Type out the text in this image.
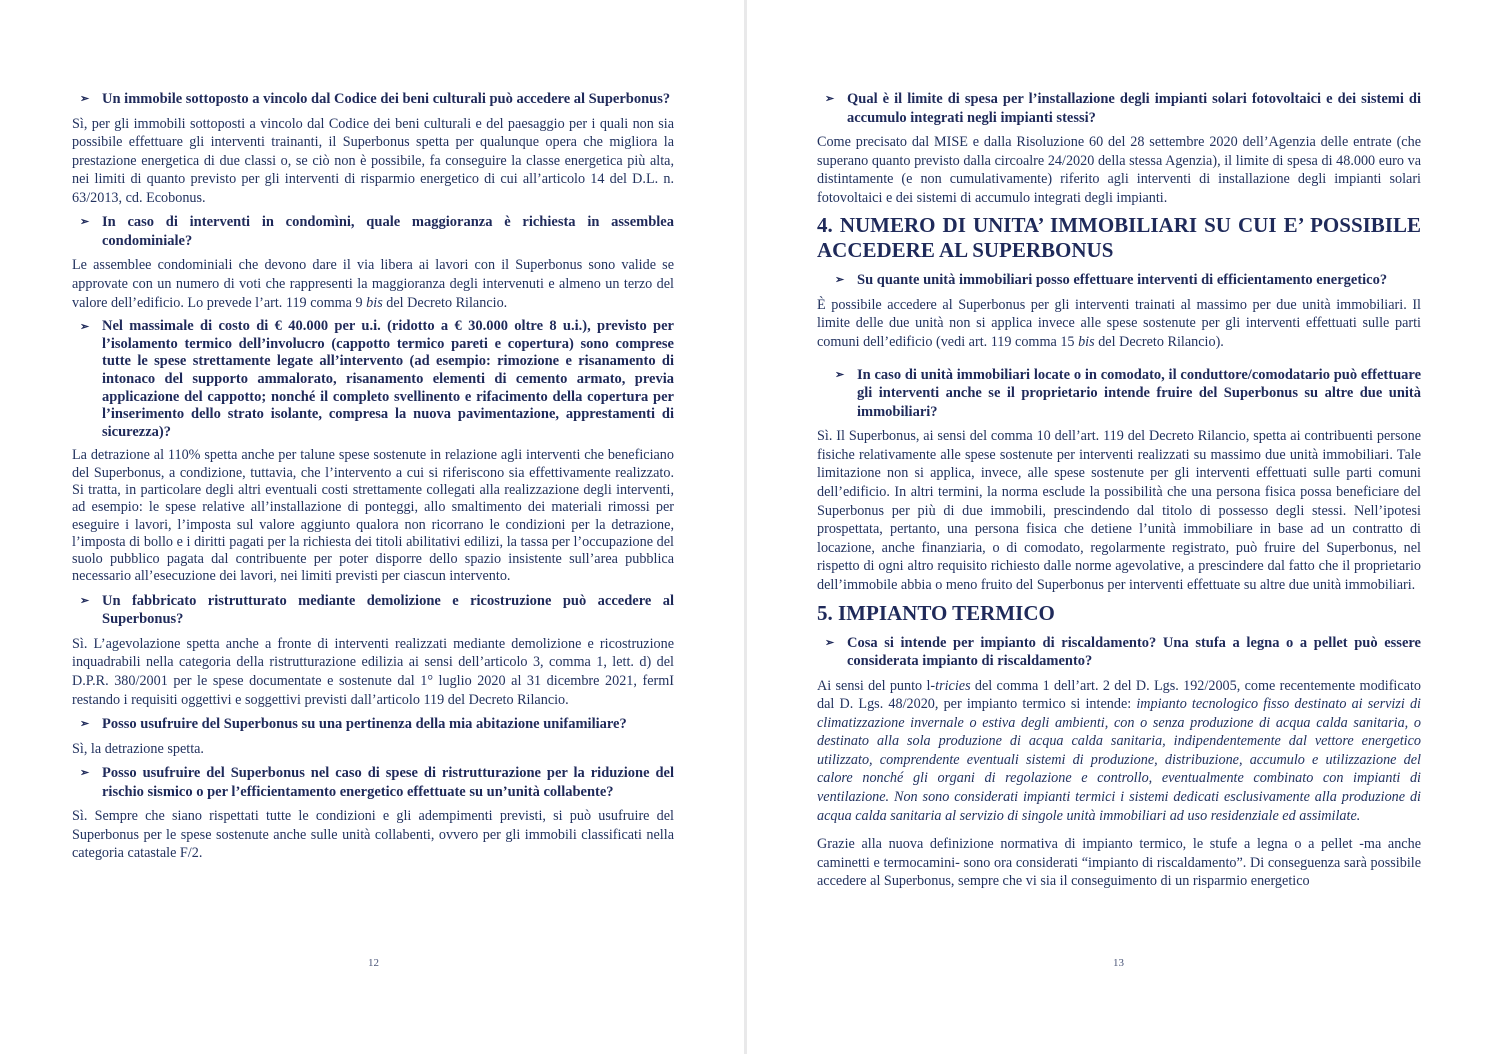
➢ Un immobile sottoposto a vincolo dal Codice dei beni culturali può accedere al Superbonus?

Sì, per gli immobili sottoposti a vincolo dal Codice dei beni culturali e del paesaggio per i quali non sia possibile effettuare gli interventi trainanti, il Superbonus spetta per qualunque opera che migliora la prestazione energetica di due classi o, se ciò non è possibile, fa conseguire la classe energetica più alta, nei limiti di quanto previsto per gli interventi di risparmio energetico di cui all’articolo 14 del D.L. n. 63/2013, cd. Ecobonus.

➢ In caso di interventi in condomìni, quale maggioranza è richiesta in assemblea condominiale?

Le assemblee condominiali che devono dare il via libera ai lavori con il Superbonus sono valide se approvate con un numero di voti che rappresenti la maggioranza degli intervenuti e almeno un terzo del valore dell’edificio. Lo prevede l’art. 119 comma 9 bis del Decreto Rilancio.

➢ Nel massimale di costo di € 40.000 per u.i. (ridotto a € 30.000 oltre 8 u.i.), previsto per l’isolamento termico dell’involucro (cappotto termico pareti e copertura) sono comprese tutte le spese strettamente legate all’intervento (ad esempio: rimozione e risanamento di intonaco del supporto ammalorato, risanamento elementi di cemento armato, previa applicazione del cappotto; nonché il completo svellinento e rifacimento della copertura per l’inserimento dello strato isolante, compresa la nuova pavimentazione, apprestamenti di sicurezza)?

La detrazione al 110% spetta anche per talune spese sostenute in relazione agli interventi che beneficiano del Superbonus, a condizione, tuttavia, che l’intervento a cui si riferiscono sia effettivamente realizzato. Si tratta, in particolare degli altri eventuali costi strettamente collegati alla realizzazione degli interventi, ad esempio: le spese relative all’installazione di ponteggi, allo smaltimento dei materiali rimossi per eseguire i lavori, l’imposta sul valore aggiunto qualora non ricorrano le condizioni per la detrazione, l’imposta di bollo e i diritti pagati per la richiesta dei titoli abilitativi edilizi, la tassa per l’occupazione del suolo pubblico pagata dal contribuente per poter disporre dello spazio insistente sull’area pubblica necessario all’esecuzione dei lavori, nei limiti previsti per ciascun intervento.

➢ Un fabbricato ristrutturato mediante demolizione e ricostruzione può accedere al Superbonus?

Sì. L’agevolazione spetta anche a fronte di interventi realizzati mediante demolizione e ricostruzione inquadrabili nella categoria della ristrutturazione edilizia ai sensi dell’articolo 3, comma 1, lett. d) del D.P.R. 380/2001 per le spese documentate e sostenute dal 1° luglio 2020 al 31 dicembre 2021, fermI restando i requisiti oggettivi e soggettivi previsti dall’articolo 119 del Decreto Rilancio.

➢ Posso usufruire del Superbonus su una pertinenza della mia abitazione unifamiliare?

Sì, la detrazione spetta.

➢ Posso usufruire del Superbonus nel caso di spese di ristrutturazione per la riduzione del rischio sismico o per l’efficientamento energetico effettuate su un’unità collabente?

Sì. Sempre che siano rispettati tutte le condizioni e gli adempimenti previsti, si può usufruire del Superbonus per le spese sostenute anche sulle unità collabenti, ovvero per gli immobili classificati nella categoria catastale F/2.

12
➢ Qual è il limite di spesa per l’installazione degli impianti solari fotovoltaici e dei sistemi di accumulo integrati negli impianti stessi?

Come precisato dal MISE e dalla Risoluzione 60 del 28 settembre 2020 dell’Agenzia delle entrate (che superano quanto previsto dalla circoalre 24/2020 della stessa Agenzia), il limite di spesa di 48.000 euro va distintamente (e non cumulativamente) riferito agli interventi di installazione degli impianti solari fotovoltaici e dei sistemi di accumulo integrati degli impianti.

4. NUMERO DI UNITA’ IMMOBILIARI SU CUI E’ POSSIBILE ACCEDERE AL SUPERBONUS
➢ Su quante unità immobiliari posso effettuare interventi di efficientamento energetico?

È possibile accedere al Superbonus per gli interventi trainati al massimo per due unità immobiliari. Il limite delle due unità non si applica invece alle spese sostenute per gli interventi effettuati sulle parti comuni dell’edificio (vedi art. 119 comma 15 bis del Decreto Rilancio).

➢ In caso di unità immobiliari locate o in comodato, il conduttore/comodatario può effettuare gli interventi anche se il proprietario intende fruire del Superbonus su altre due unità immobiliari?

Sì. Il Superbonus, ai sensi del comma 10 dell’art. 119 del Decreto Rilancio, spetta ai contribuenti persone fisiche relativamente alle spese sostenute per interventi realizzati su massimo due unità immobiliari. Tale limitazione non si applica, invece, alle spese sostenute per gli interventi effettuati sulle parti comuni dell’edificio. In altri termini, la norma esclude la possibilità che una persona fisica possa beneficiare del Superbonus per più di due immobili, prescindendo dal titolo di possesso degli stessi. Nell’ipotesi prospettata, pertanto, una persona fisica che detiene l’unità immobiliare in base ad un contratto di locazione, anche finanziaria, o di comodato, regolarmente registrato, può fruire del Superbonus, nel rispetto di ogni altro requisito richiesto dalle norme agevolative, a prescindere dal fatto che il proprietario dell’immobile abbia o meno fruito del Superbonus per interventi effettuate su altre due unità immobiliari.

5. IMPIANTO TERMICO
➢ Cosa si intende per impianto di riscaldamento? Una stufa a legna o a pellet può essere considerata impianto di riscaldamento?

Ai sensi del punto l-tricies del comma 1 dell’art. 2 del D. Lgs. 192/2005, come recentemente modificato dal D. Lgs. 48/2020, per impianto termico si intende: impianto tecnologico fisso destinato ai servizi di climatizzazione invernale o estiva degli ambienti, con o senza produzione di acqua calda sanitaria, o destinato alla sola produzione di acqua calda sanitaria, indipendentemente dal vettore energetico utilizzato, comprendente eventuali sistemi di produzione, distribuzione, accumulo e utilizzazione del calore nonché gli organi di regolazione e controllo, eventualmente combinato con impianti di ventilazione. Non sono considerati impianti termici i sistemi dedicati esclusivamente alla produzione di acqua calda sanitaria al servizio di singole unità immobiliari ad uso residenziale ed assimilate.

Grazie alla nuova definizione normativa di impianto termico, le stufe a legna o a pellet -ma anche caminetti e termocamini- sono ora considerati “impianto di riscaldamento”. Di conseguenza sarà possibile accedere al Superbonus, sempre che vi sia il conseguimento di un risparmio energetico

13
